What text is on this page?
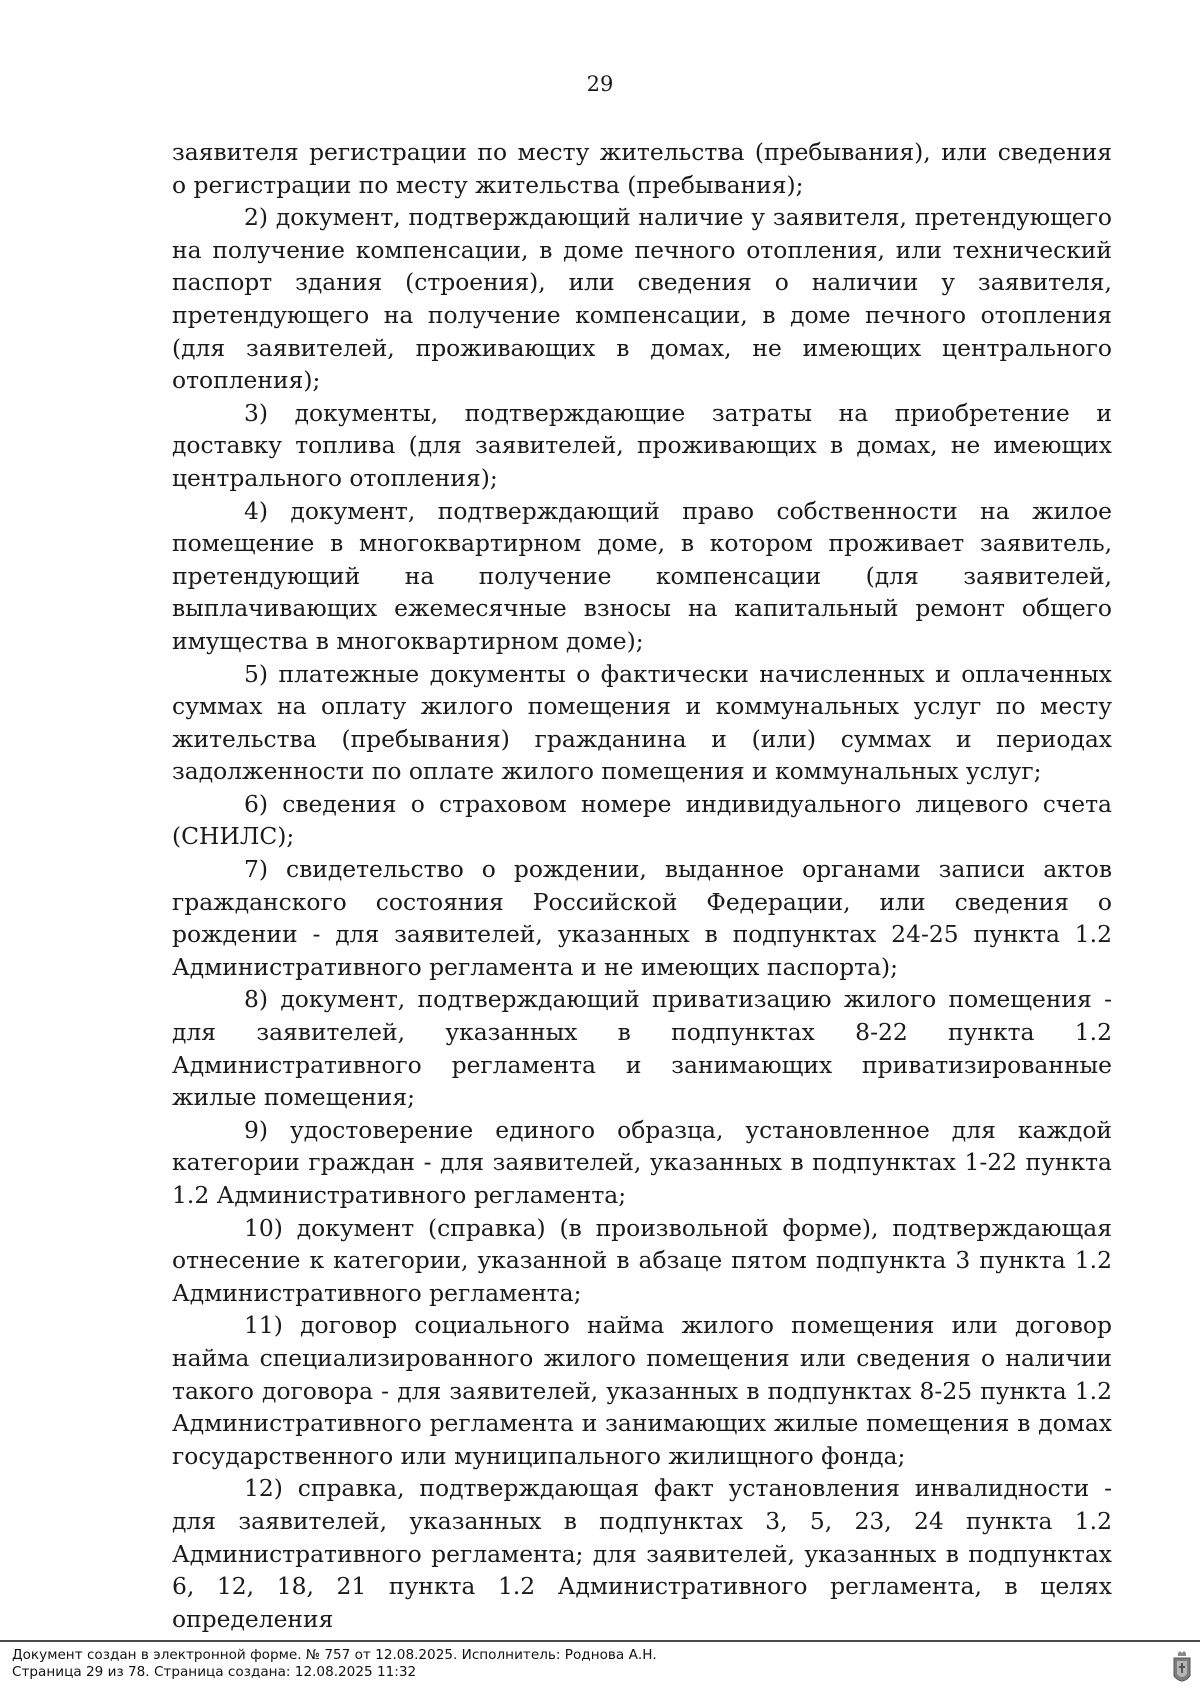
29

заявителя регистрации по месту жительства (пребывания), или сведения о регистрации по месту жительства (пребывания);

2) документ, подтверждающий наличие у заявителя, претендующего на получение компенсации, в доме печного отопления, или технический паспорт здания (строения), или сведения о наличии у заявителя, претендующего на получение компенсации, в доме печного отопления (для заявителей, проживающих в домах, не имеющих центрального отопления);

3) документы, подтверждающие затраты на приобретение и доставку топлива (для заявителей, проживающих в домах, не имеющих центрального отопления);

4) документ, подтверждающий право собственности на жилое помещение в многоквартирном доме, в котором проживает заявитель, претендующий на получение компенсации (для заявителей, выплачивающих ежемесячные взносы на капитальный ремонт общего имущества в многоквартирном доме);

5) платежные документы о фактически начисленных и оплаченных суммах на оплату жилого помещения и коммунальных услуг по месту жительства (пребывания) гражданина и (или) суммах и периодах задолженности по оплате жилого помещения и коммунальных услуг;

6) сведения о страховом номере индивидуального лицевого счета (СНИЛС);

7) свидетельство о рождении, выданное органами записи актов гражданского состояния Российской Федерации, или сведения о рождении - для заявителей, указанных в подпунктах 24-25 пункта 1.2 Административного регламента и не имеющих паспорта);

8) документ, подтверждающий приватизацию жилого помещения - для заявителей, указанных в подпунктах 8-22 пункта 1.2 Административного регламента и занимающих приватизированные жилые помещения;

9) удостоверение единого образца, установленное для каждой категории граждан - для заявителей, указанных в подпунктах 1-22 пункта 1.2 Административного регламента;

10) документ (справка) (в произвольной форме), подтверждающая отнесение к категории, указанной в абзаце пятом подпункта 3 пункта 1.2 Административного регламента;

11) договор социального найма жилого помещения или договор найма специализированного жилого помещения или сведения о наличии такого договора - для заявителей, указанных в подпунктах 8-25 пункта 1.2 Административного регламента и занимающих жилые помещения в домах государственного или муниципального жилищного фонда;

12) справка, подтверждающая факт установления инвалидности - для заявителей, указанных в подпунктах 3, 5, 23, 24 пункта 1.2 Административного регламента; для заявителей, указанных в подпунктах 6, 12, 18, 21 пункта 1.2 Административного регламента, в целях определения

Документ создан в электронной форме. № 757 от 12.08.2025. Исполнитель: Роднова А.Н.
Страница 29 из 78. Страница создана: 12.08.2025 11:32
